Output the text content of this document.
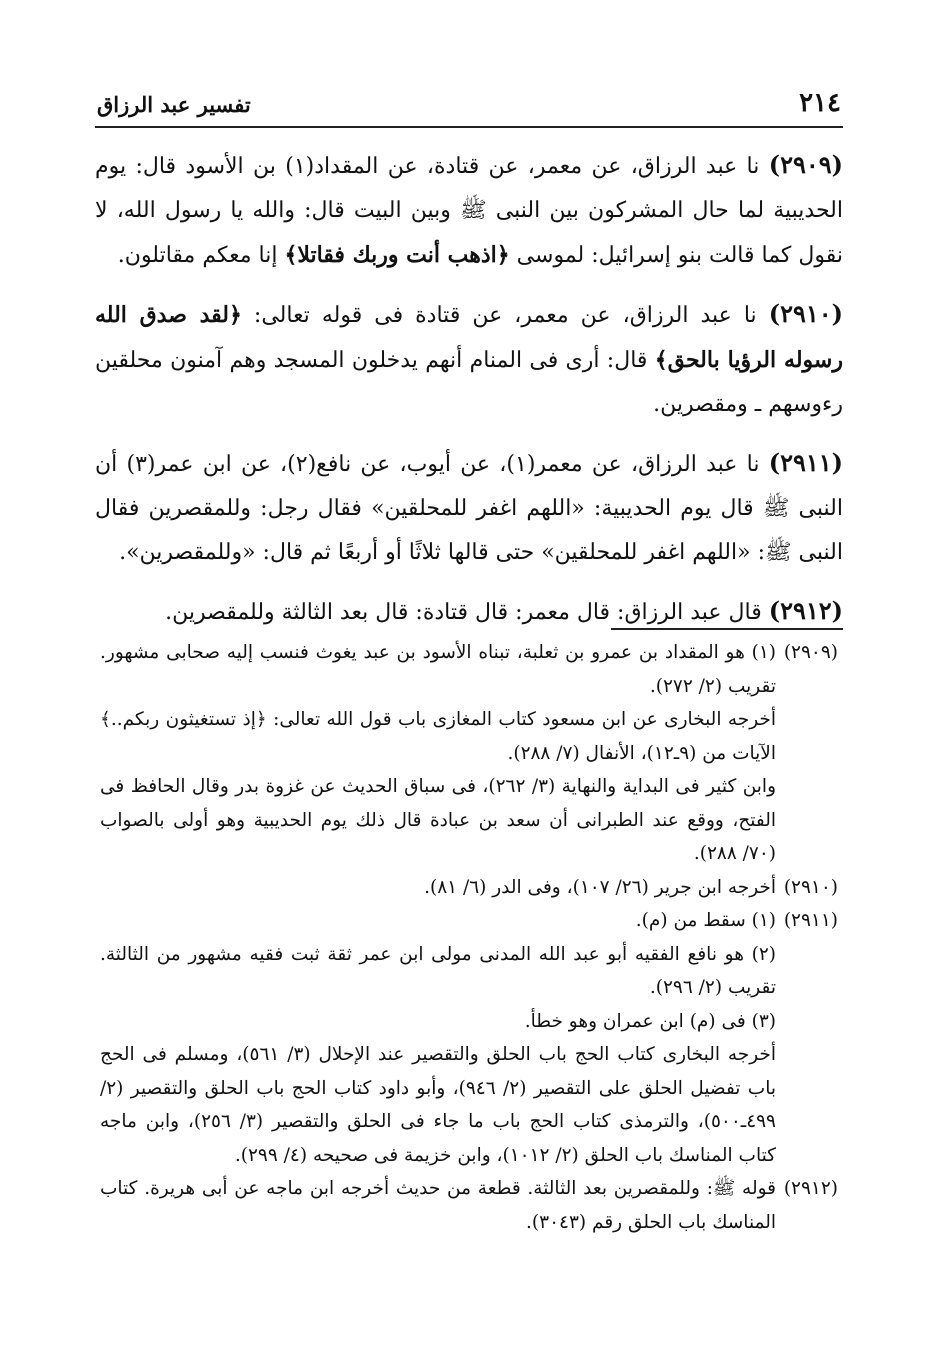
٢١٤
تفسير عبد الرزاق

(٢٩٠٩) نا عبد الرزاق، عن معمر، عن قتادة، عن المقداد(١) بن الأسود قال: يوم الحديبية لما حال المشركون بين النبى ﷺ وبين البيت قال: والله يا رسول الله، لا نقول كما قالت بنو إسرائيل: لموسى ﴿اذهب أنت وربك فقاتلا﴾ إنا معكم مقاتلون.

(٢٩١٠) نا عبد الرزاق، عن معمر، عن قتادة فى قوله تعالى: ﴿لقد صدق الله رسوله الرؤيا بالحق﴾ قال: أرى فى المنام أنهم يدخلون المسجد وهم آمنون محلقين رءوسهم ـ ومقصرين.

(٢٩١١) نا عبد الرزاق، عن معمر(١)، عن أيوب، عن نافع(٢)، عن ابن عمر(٣) أن النبى ﷺ قال يوم الحديبية: «اللهم اغفر للمحلقين» فقال رجل: وللمقصرين فقال النبى ﷺ: «اللهم اغفر للمحلقين» حتى قالها ثلاثًا أو أربعًا ثم قال: «وللمقصرين».

(٢٩١٢) قال عبد الرزاق: قال معمر: قال قتادة: قال بعد الثالثة وللمقصرين.

(٢٩٠٩)
(١) هو المقداد بن عمرو بن ثعلبة، تبناه الأسود بن عبد يغوث فنسب إليه صحابى مشهور. تقريب (٢/ ٢٧٢).

أخرجه البخارى عن ابن مسعود كتاب المغازى باب قول الله تعالى: ﴿إذ تستغيثون ربكم..﴾ الآيات من (٩ـ١٢)، الأنفال (٧/ ٢٨٨).

وابن كثير فى البداية والنهاية (٣/ ٢٦٢)، فى سباق الحديث عن غزوة بدر وقال الحافظ فى الفتح، ووقع عند الطبرانى أن سعد بن عبادة قال ذلك يوم الحديبية وهو أولى بالصواب (٧٠/ ٢٨٨).

(٢٩١٠)
أخرجه ابن جرير (٢٦/ ١٠٧)، وفى الدر (٦/ ٨١).
(٢٩١١)
(١) سقط من (م).

(٢) هو نافع الفقيه أبو عبد الله المدنى مولى ابن عمر ثقة ثبت فقيه مشهور من الثالثة. تقريب (٢/ ٢٩٦).

(٣) فى (م) ابن عمران وهو خطأ.

أخرجه البخارى كتاب الحج باب الحلق والتقصير عند الإحلال (٣/ ٥٦١)، ومسلم فى الحج باب تفضيل الحلق على التقصير (٢/ ٩٤٦)، وأبو داود كتاب الحج باب الحلق والتقصير (٢/ ٤٩٩ـ٥٠٠)، والترمذى كتاب الحج باب ما جاء فى الحلق والتقصير (٣/ ٢٥٦)، وابن ماجه كتاب المناسك باب الحلق (٢/ ١٠١٢)، وابن خزيمة فى صحيحه (٤/ ٢٩٩).

(٢٩١٢)
قوله ﷺ: وللمقصرين بعد الثالثة. قطعة من حديث أخرجه ابن ماجه عن أبى هريرة. كتاب المناسك باب الحلق رقم (٣٠٤٣).
